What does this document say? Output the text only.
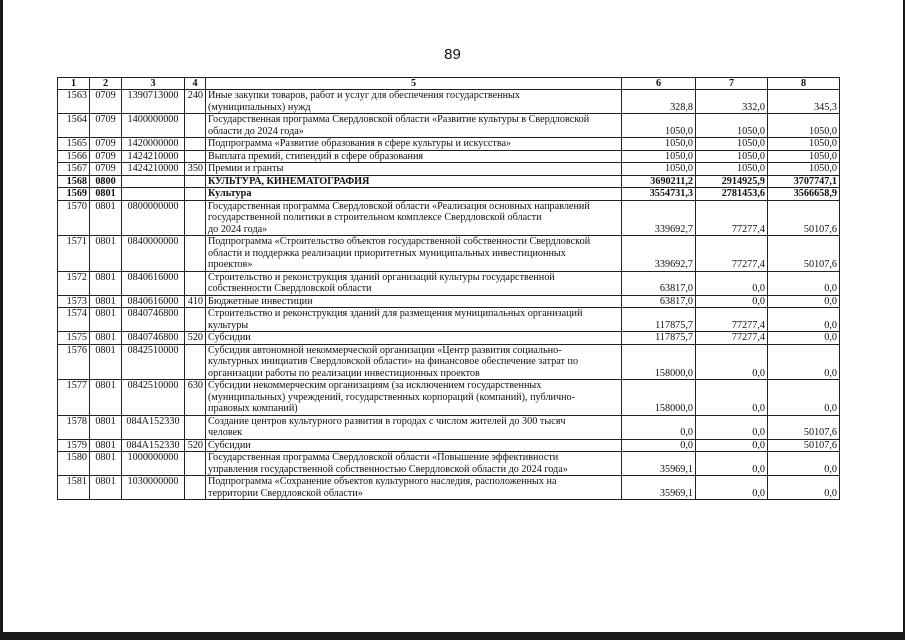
89
1	2	3	4	5	6	7	8
1563	0709	1390713000	240	Иные закупки товаров, работ и услуг для обеспечения государственных
(муниципальных) нужд	328,8	332,0	345,3
1564	0709	1400000000		Государственная программа Свердловской области «Развитие культуры в Свердловской
области до 2024 года»	1050,0	1050,0	1050,0
1565	0709	1420000000		Подпрограмма «Развитие образования в сфере культуры и искусства»	1050,0	1050,0	1050,0
1566	0709	1424210000		Выплата премий, стипендий в сфере образования	1050,0	1050,0	1050,0
1567	0709	1424210000	350	Премии и гранты	1050,0	1050,0	1050,0
1568	0800			КУЛЬТУРА, КИНЕМАТОГРАФИЯ	3690211,2	2914925,9	3707747,1
1569	0801			Культура	3554731,3	2781453,6	3566658,9
1570	0801	0800000000		Государственная программа Свердловской области «Реализация основных направлений
государственной политики в строительном комплексе Свердловской области
до 2024 года»	339692,7	77277,4	50107,6
1571	0801	0840000000		Подпрограмма «Строительство объектов государственной собственности Свердловской
области и поддержка реализации приоритетных муниципальных инвестиционных
проектов»	339692,7	77277,4	50107,6
1572	0801	0840616000		Строительство и реконструкция зданий организаций культуры государственной
собственности Свердловской области	63817,0	0,0	0,0
1573	0801	0840616000	410	Бюджетные инвестиции	63817,0	0,0	0,0
1574	0801	0840746800		Строительство и реконструкция зданий для размещения муниципальных организаций
культуры	117875,7	77277,4	0,0
1575	0801	0840746800	520	Субсидии	117875,7	77277,4	0,0
1576	0801	0842510000		Субсидия автономной некоммерческой организации «Центр развития социально-
культурных инициатив Свердловской области» на финансовое обеспечение затрат по
организации работы по реализации инвестиционных проектов	158000,0	0,0	0,0
1577	0801	0842510000	630	Субсидии некоммерческим организациям (за исключением государственных
(муниципальных) учреждений, государственных корпораций (компаний), публично-
правовых компаний)	158000,0	0,0	0,0
1578	0801	084A152330		Создание центров культурного развития в городах с числом жителей до 300 тысяч
человек	0,0	0,0	50107,6
1579	0801	084A152330	520	Субсидии	0,0	0,0	50107,6
1580	0801	1000000000		Государственная программа Свердловской области «Повышение эффективности
управления государственной собственностью Свердловской области до 2024 года»	35969,1	0,0	0,0
1581	0801	1030000000		Подпрограмма «Сохранение объектов культурного наследия, расположенных на
территории Свердловской области»	35969,1	0,0	0,0
